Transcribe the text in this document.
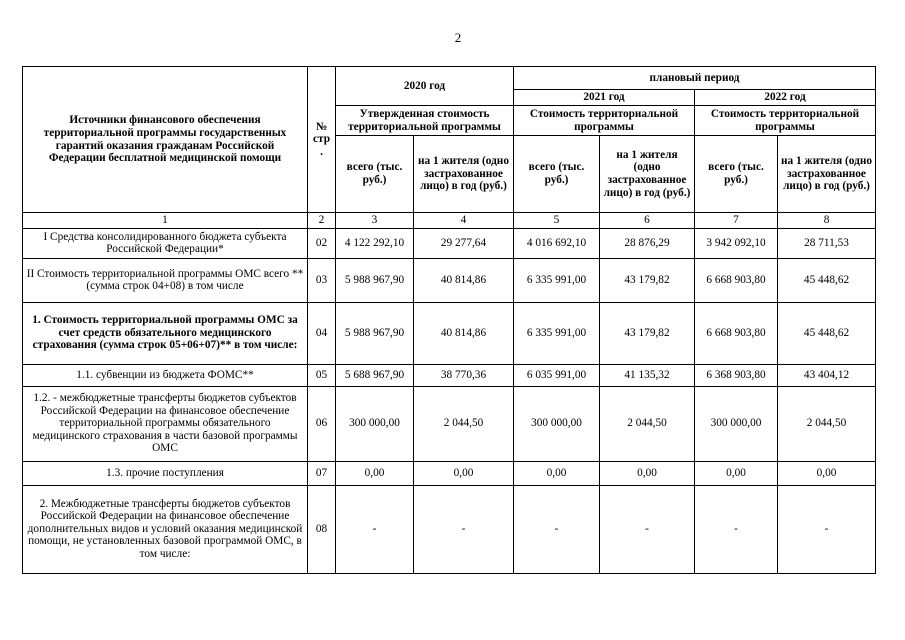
2
Источники финансового обеспечения территориальной программы государственных гарантий оказания гражданам Российской Федерации бесплатной медицинской помощи	№ стр .	2020 год		плановый период			
				2021 год		2022 год	
		Утвержденная стоимость территориальной программы		Стоимость территориальной программы		Стоимость территориальной программы	
		всего (тыс. руб.)	на 1 жителя (одно застрахованное лицо) в год (руб.)	всего (тыс. руб.)	на 1 жителя (одно застрахованное лицо) в год (руб.)	всего (тыс. руб.)	на 1 жителя (одно застрахованное лицо) в год (руб.)
1	2	3	4	5	6	7	8
I Средства консолидированного бюджета субъекта Российской Федерации*	02	4 122 292,10	29 277,64	4 016 692,10	28 876,29	3 942 092,10	28 711,53
II Стоимость территориальной программы ОМС всего **(сумма строк 04+08) в том числе	03	5 988 967,90	40 814,86	6 335 991,00	43 179,82	6 668 903,80	45 448,62
1. Стоимость территориальной программы ОМС за счет средств обязательного медицинского страхования (сумма строк 05+06+07)** в том числе:	04	5 988 967,90	40 814,86	6 335 991,00	43 179,82	6 668 903,80	45 448,62
1.1. субвенции из бюджета ФОМС**	05	5 688 967,90	38 770,36	6 035 991,00	41 135,32	6 368 903,80	43 404,12
1.2. - межбюджетные трансферты бюджетов субъектов Российской Федерации на финансовое обеспечение территориальной программы обязательного медицинского страхования в части базовой программы ОМС	06	300 000,00	2 044,50	300 000,00	2 044,50	300 000,00	2 044,50
1.3. прочие поступления	07	0,00	0,00	0,00	0,00	0,00	0,00
2. Межбюджетные трансферты бюджетов субъектов Российской Федерации на финансовое обеспечение дополнительных видов и условий оказания медицинской помощи, не установленных базовой программой ОМС, в том числе:	08	-	-	-	-	-	-
